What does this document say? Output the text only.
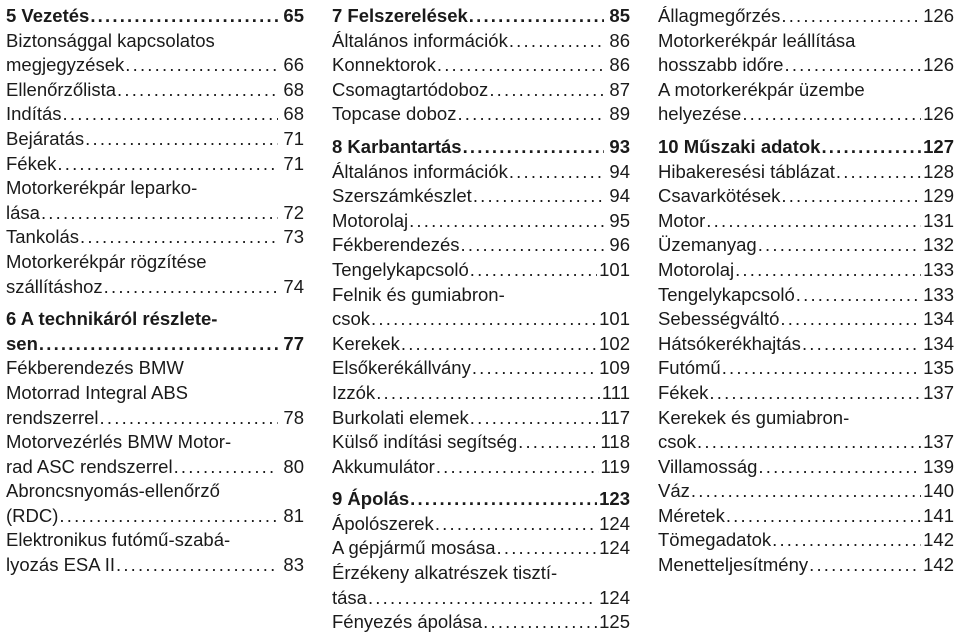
5 Vezetés .....	65
Biztonsággal kapcsolatos
megjegyzések .....	66
Ellenőrzőlista .....	68
Indítás .....	68
Bejáratás .....	71
Fékek .....	71
Motorkerékpár leparko-
lása .....	72
Tankolás .....	73
Motorkerékpár rögzítése
szállításhoz .....	74
6 A technikáról részlete-
sen .....	77
Fékberendezés BMW
Motorrad Integral ABS
rendszerrel .....	78
Motorvezérlés BMW Motor-
rad ASC rendszerrel .....	80
Abroncsnyomás-ellenőrző
(RDC) .....	81
Elektronikus futómű-szabá-
lyozás ESA II .....	83
7 Felszerelések .....	85
Általános információk .....	86
Konnektorok .....	86
Csomagtartódoboz .....	87
Topcase doboz .....	89
8 Karbantartás .....	93
Általános információk .....	94
Szerszámkészlet .....	94
Motorolaj .....	95
Fékberendezés .....	96
Tengelykapcsoló .....	101
Felnik és gumiabron-
csok .....	101
Kerekek .....	102
Elsőkerékállvány .....	109
Izzók .....	111
Burkolati elemek .....	117
Külső indítási segítség .....	118
Akkumulátor .....	119
9 Ápolás .....	123
Ápolószerek .....	124
A gépjármű mosása .....	124
Érzékeny alkatrészek tisztí-
tása .....	124
Fényezés ápolása .....	125
Állagmegőrzés .....	126
Motorkerékpár leállítása
hosszabb időre .....	126
A motorkerékpár üzembe
helyezése .....	126
10 Műszaki adatok .....	127
Hibakeresési táblázat .....	128
Csavarkötések .....	129
Motor .....	131
Üzemanyag .....	132
Motorolaj .....	133
Tengelykapcsoló .....	133
Sebességváltó .....	134
Hátsókerékhajtás .....	134
Futómű .....	135
Fékek .....	137
Kerekek és gumiabron-
csok .....	137
Villamosság .....	139
Váz .....	140
Méretek .....	141
Tömegadatok .....	142
Menetteljesítmény .....	142
